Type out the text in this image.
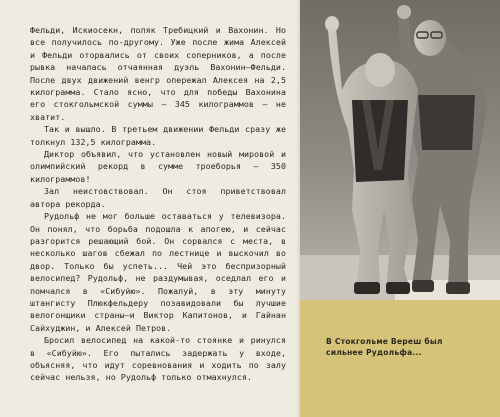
Фельди, Искиосекн, поляк Требицкий и Вахонин. Но все получилось по-другому. Уже после жима Алексей и Фельди оторвались от своих соперников, а после рывка началась отчаянная дуэль Вахонин—Фельди. После двух движений венгр опережал Алексея на 2,5 килограмма. Стало ясно, что для победы Вахонина его стокгольмской суммы — 345 килограммов — не хватит.

Так и вышло. В третьем движении Фельди сразу же толкнул 132,5 килограмма.

Диктор объявил, что установлен новый мировой и олимпийский рекорд в сумме троеборья — 350 килограммов!

Зал неистовствовал. Он стоя приветствовал автора рекорда.

Рудольф не мог больше оставаться у телевизора. Он понял, что борьба подошла к апогею, и сейчас разгорится решающий бой. Он сорвался с места, в несколько шагов сбежал по лестнице и выскочил во двор. Только бы успеть... Чей это беспризорный велосипед? Рудольф, не раздумывая, оседлал его и помчался в «Сибуйю». Пожалуй, в эту минуту штангисту Плюкфельдеру позавидовали бы лучшие велогонщики страны—и Виктор Капитонов, и Гайнан Сайхуджин, и Алексей Петров.

Бросил велосипед на какой-то стоянке и ринулся в «Сибуйю». Его пытались задержать у входе, объясняя, что идут соревнования и ходить по залу сейчас нельзя, но Рудольф только отмахнулся.

В Стокгольме Вереш был сильнее Рудольфа...
